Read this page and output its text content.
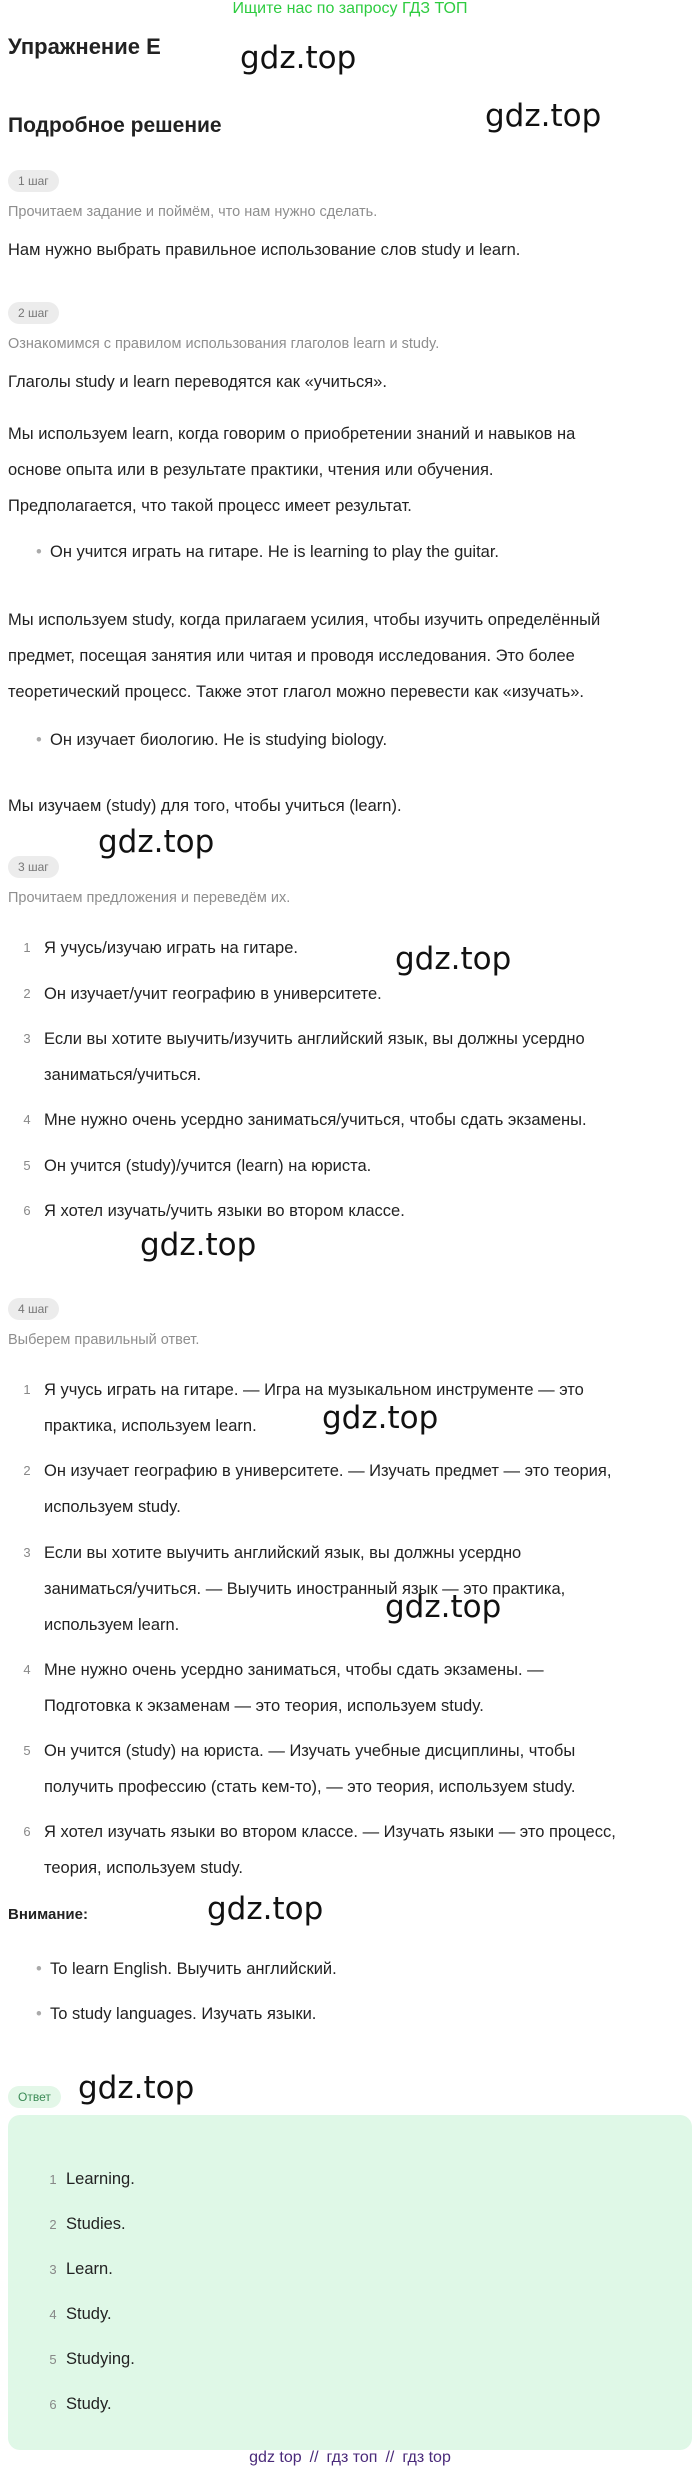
Ищите нас по запросу ГДЗ ТОП
Упражнение E
Подробное решение
gdz.top
gdz.top
gdz.top
gdz.top
gdz.top
gdz.top
gdz.top
gdz.top
gdz.top
1 шаг
Прочитаем задание и поймём, что нам нужно сделать.
Нам нужно выбрать правильное использование слов study и learn.
2 шаг
Ознакомимся с правилом использования глаголов learn и study.
Глаголы study и learn переводятся как «учиться».
Мы используем learn, когда говорим о приобретении знаний и навыков на
основе опыта или в результате практики, чтения или обучения.
Предполагается, что такой процесс имеет результат.
• Он учится играть на гитаре. He is learning to play the guitar.
Мы используем study, когда прилагаем усилия, чтобы изучить определённый
предмет, посещая занятия или читая и проводя исследования. Это более
теоретический процесс. Также этот глагол можно перевести как «изучать».
• Он изучает биологию. He is studying biology.
Мы изучаем (study) для того, чтобы учиться (learn).
3 шаг
Прочитаем предложения и переведём их.
1 Я учусь/изучаю играть на гитаре.
2 Он изучает/учит географию в университете.
3 Если вы хотите выучить/изучить английский язык, вы должны усердно
заниматься/учиться.
4 Мне нужно очень усердно заниматься/учиться, чтобы сдать экзамены.
5 Он учится (study)/учится (learn) на юриста.
6 Я хотел изучать/учить языки во втором классе.
4 шаг
Выберем правильный ответ.
1 Я учусь играть на гитаре. — Игра на музыкальном инструменте — это
практика, используем learn.
2 Он изучает географию в университете. — Изучать предмет — это теория,
используем study.
3 Если вы хотите выучить английский язык, вы должны усердно
заниматься/учиться. — Выучить иностранный язык — это практика,
используем learn.
4 Мне нужно очень усердно заниматься, чтобы сдать экзамены. —
Подготовка к экзаменам — это теория, используем study.
5 Он учится (study) на юриста. — Изучать учебные дисциплины, чтобы
получить профессию (стать кем-то), — это теория, используем study.
6 Я хотел изучать языки во втором классе. — Изучать языки — это процесс,
теория, используем study.
Внимание:
• To learn English. Выучить английский.
• To study languages. Изучать языки.
Ответ
1 Learning.
2 Studies.
3 Learn.
4 Study.
5 Studying.
6 Study.
gdz top // гдз топ // гдз top
